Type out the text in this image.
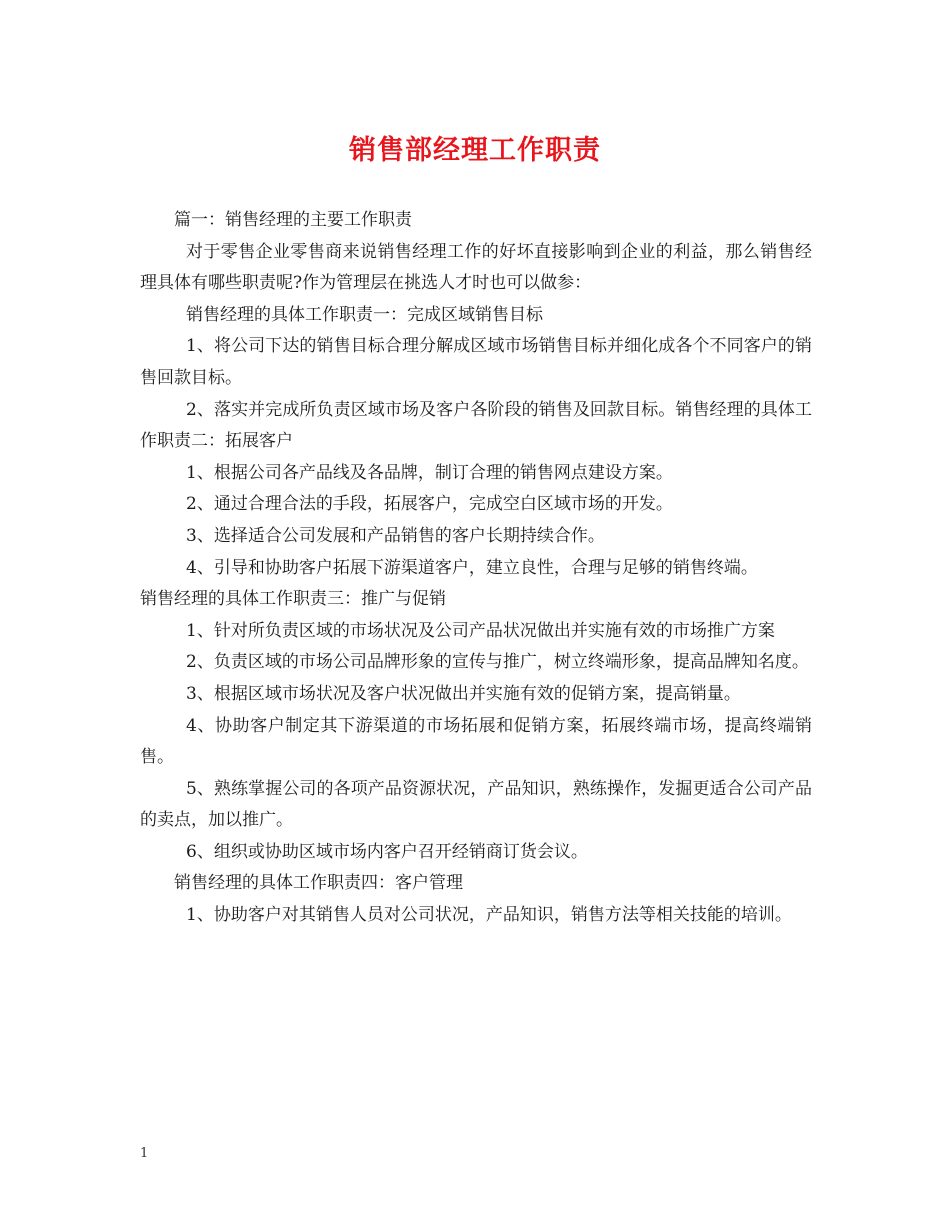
销售部经理工作职责

篇一：销售经理的主要工作职责

对于零售企业零售商来说销售经理工作的好坏直接影响到企业的利益，那么销售经理具体有哪些职责呢?作为管理层在挑选人才时也可以做参：

销售经理的具体工作职责一：完成区域销售目标

1、将公司下达的销售目标合理分解成区域市场销售目标并细化成各个不同客户的销售回款目标。

2、落实并完成所负责区域市场及客户各阶段的销售及回款目标。销售经理的具体工作职责二：拓展客户

1、根据公司各产品线及各品牌，制订合理的销售网点建设方案。

2、通过合理合法的手段，拓展客户，完成空白区域市场的开发。

3、选择适合公司发展和产品销售的客户长期持续合作。

4、引导和协助客户拓展下游渠道客户，建立良性，合理与足够的销售终端。

销售经理的具体工作职责三：推广与促销

1、针对所负责区域的市场状况及公司产品状况做出并实施有效的市场推广方案

2、负责区域的市场公司品牌形象的宣传与推广，树立终端形象，提高品牌知名度。

3、根据区域市场状况及客户状况做出并实施有效的促销方案，提高销量。

4、协助客户制定其下游渠道的市场拓展和促销方案，拓展终端市场，提高终端销售。

5、熟练掌握公司的各项产品资源状况，产品知识，熟练操作，发掘更适合公司产品的卖点，加以推广。

6、组织或协助区域市场内客户召开经销商订货会议。

销售经理的具体工作职责四：客户管理

1、协助客户对其销售人员对公司状况，产品知识，销售方法等相关技能的培训。

1
